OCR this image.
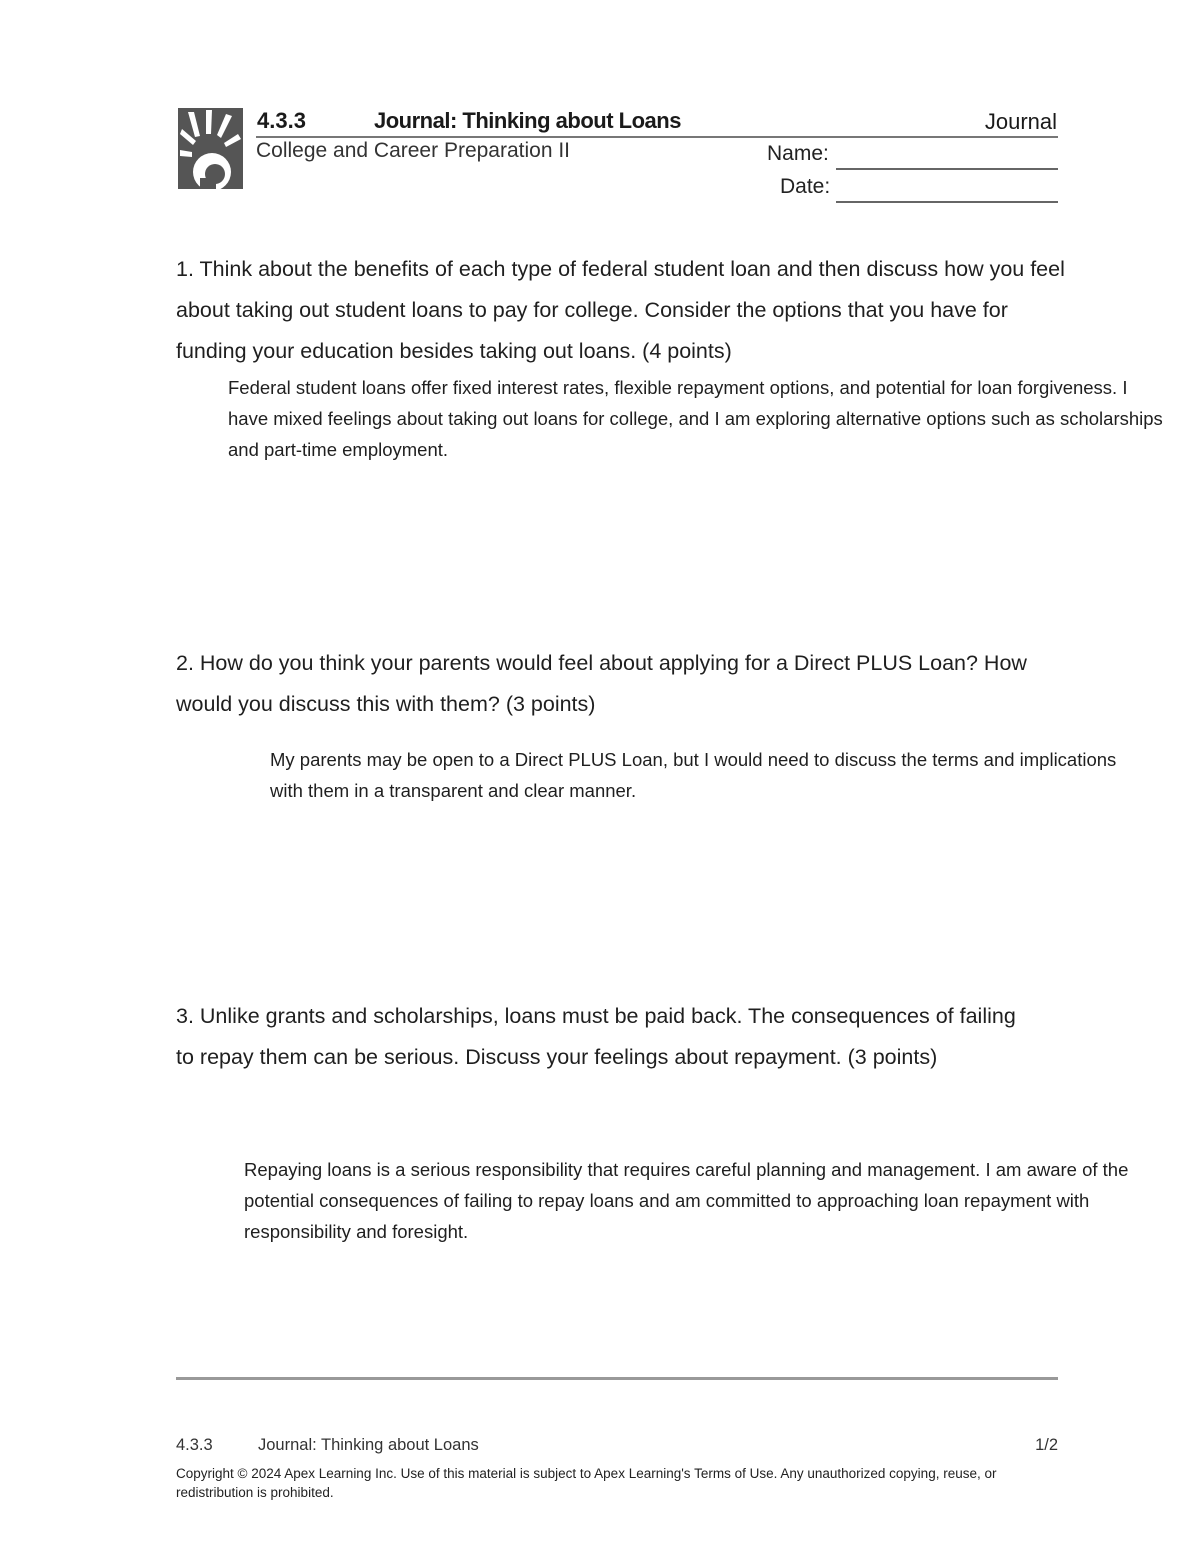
4.3.3	Journal: Thinking about Loans	Journal
College and Career Preparation II	Name:
Date:
1. Think about the benefits of each type of federal student loan and then discuss how you feel about taking out student loans to pay for college. Consider the options that you have for funding your education besides taking out loans. (4 points)
Federal student loans offer fixed interest rates, flexible repayment options, and potential for loan forgiveness. I have mixed feelings about taking out loans for college, and I am exploring alternative options such as scholarships and part-time employment.
2. How do you think your parents would feel about applying for a Direct PLUS Loan? How would you discuss this with them? (3 points)
My parents may be open to a Direct PLUS Loan, but I would need to discuss the terms and implications with them in a transparent and clear manner.
3. Unlike grants and scholarships, loans must be paid back. The consequences of failing to repay them can be serious. Discuss your feelings about repayment. (3 points)
Repaying loans is a serious responsibility that requires careful planning and management. I am aware of the potential consequences of failing to repay loans and am committed to approaching loan repayment with responsibility and foresight.
4.3.3	Journal: Thinking about Loans	1/2
Copyright © 2024 Apex Learning Inc. Use of this material is subject to Apex Learning's Terms of Use. Any unauthorized copying, reuse, or redistribution is prohibited.
